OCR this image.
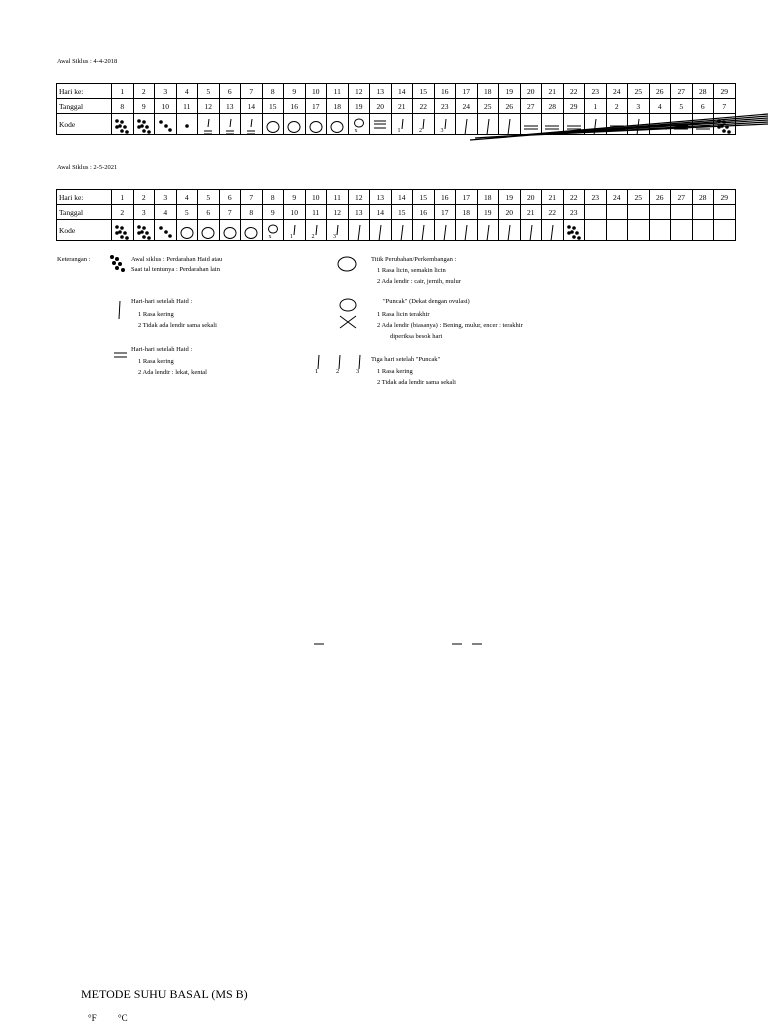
Awal Siklus : 4-4-2018
Hari ke:	1	2	3	4	5	6	7	8	9	10	11	12	13	14	15	16	17	18	19	20	21	22	23	24	25	26	27	28	29
Tanggal	8	9	10	11	12	13	14	15	16	17	18	19	20	21	22	23	24	25	26	27	28	29	1	2	3	4	5	6	7
Kode												x		1	2	3

Awal Siklus : 2-5-2021
Hari ke:	1	2	3	4	5	6	7	8	9	10	11	12	13	14	15	16	17	18	19	20	21	22	23	24	25	26	27	28	29
Tanggal	2	3	4	5	6	7	8	9	10	11	12	13	14	15	16	17	18	19	20	21	22	23							
Kode								x	1	2	3

Keterangan :	Awal siklus : Perdarahan Haid atau
Saat tal tentunya : Perdarahan lain
Hari-hari setelah Haid :
1 Rasa kering
2 Tidak ada lendir sama sekali
Hari-hari setelah Haid :
1 Rasa kering
2 Ada lendir : lekat, kental
Titik Perubahan/Perkembangan :
1 Rasa licin, semakin licin
2 Ada lendir : cair, jernih, mulur
"Puncak" (Dekat dengan ovulasi)
1 Rasa licin terakhir
2 Ada lendir (biasanya) : Bening, mulur, encer : terakhir
diperiksa besok hari
1	2	3
Tiga hari setelah "Puncak"
1 Rasa kering
2 Tidak ada lendir sama sekali
METODE SUHU BASAL (MS B)
°F °C
